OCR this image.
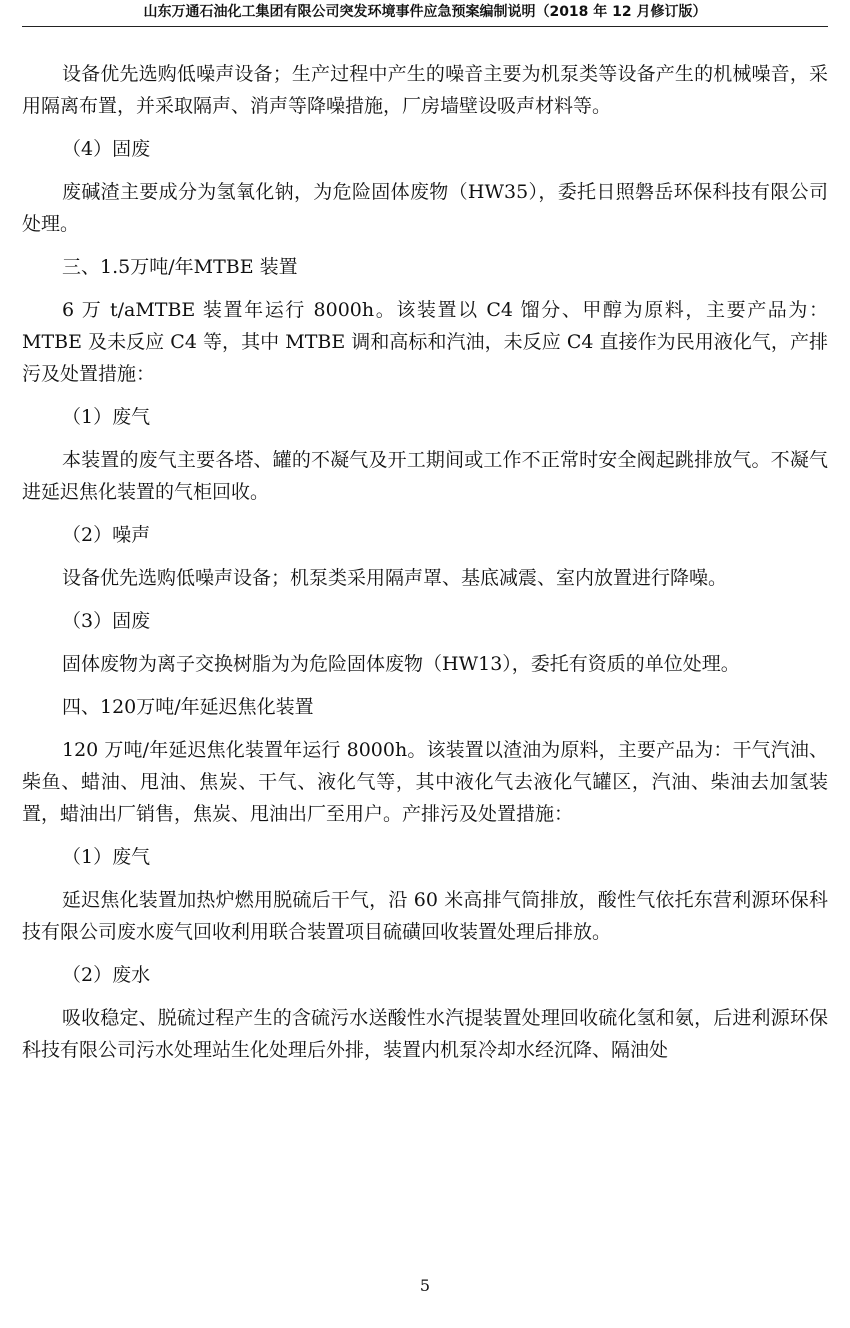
山东万通石油化工集团有限公司突发环境事件应急预案编制说明（2018 年 12 月修订版）

设备优先选购低噪声设备；生产过程中产生的噪音主要为机泵类等设备产生的机械噪音，采用隔离布置，并采取隔声、消声等降噪措施，厂房墙壁设吸声材料等。

（4）固废

废碱渣主要成分为氢氧化钠，为危险固体废物（HW35），委托日照磐岳环保科技有限公司处理。

三、1.5万吨/年MTBE 装置

6 万 t/aMTBE 装置年运行 8000h。该装置以 C4 馏分、甲醇为原料，主要产品为：MTBE 及未反应 C4 等，其中 MTBE 调和高标和汽油，未反应 C4 直接作为民用液化气，产排污及处置措施：

（1）废气

本装置的废气主要各塔、罐的不凝气及开工期间或工作不正常时安全阀起跳排放气。不凝气进延迟焦化装置的气柜回收。

（2）噪声

设备优先选购低噪声设备；机泵类采用隔声罩、基底减震、室内放置进行降噪。

（3）固废

固体废物为离子交换树脂为为危险固体废物（HW13），委托有资质的单位处理。

四、120万吨/年延迟焦化装置

120 万吨/年延迟焦化装置年运行 8000h。该装置以渣油为原料，主要产品为：干气汽油、柴鱼、蜡油、甩油、焦炭、干气、液化气等，其中液化气去液化气罐区，汽油、柴油去加氢装置，蜡油出厂销售，焦炭、甩油出厂至用户。产排污及处置措施：

（1）废气

延迟焦化装置加热炉燃用脱硫后干气，沿 60 米高排气筒排放，酸性气依托东营利源环保科技有限公司废水废气回收利用联合装置项目硫磺回收装置处理后排放。

（2）废水

吸收稳定、脱硫过程产生的含硫污水送酸性水汽提装置处理回收硫化氢和氨，后进利源环保科技有限公司污水处理站生化处理后外排，装置内机泵冷却水经沉降、隔油处

5
